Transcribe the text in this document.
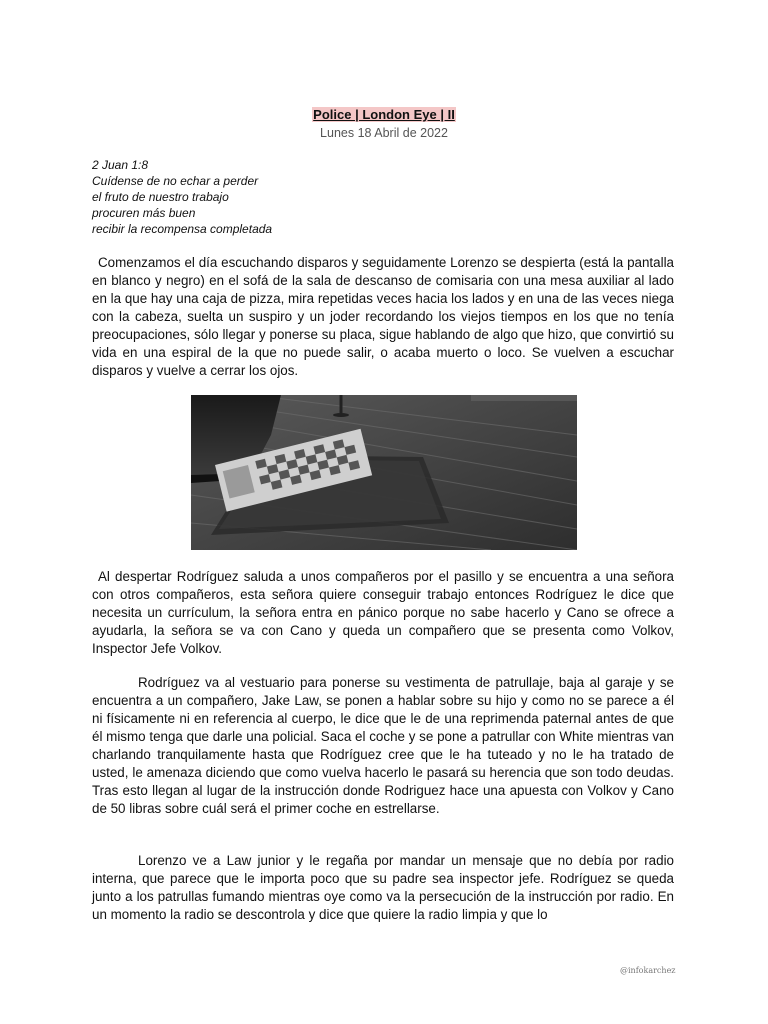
Police | London Eye | II
Lunes 18 Abril de 2022
2 Juan 1:8
Cuídense de no echar a perder
el fruto de nuestro trabajo
procuren más buen
recibir la recompensa completada

Comenzamos el día escuchando disparos y seguidamente Lorenzo se despierta (está la pantalla en blanco y negro) en el sofá de la sala de descanso de comisaria con una mesa auxiliar al lado en la que hay una caja de pizza, mira repetidas veces hacia los lados y en una de las veces niega con la cabeza, suelta un suspiro y un joder recordando los viejos tiempos en los que no tenía preocupaciones, sólo llegar y ponerse su placa, sigue hablando de algo que hizo, que convirtió su vida en una espiral de la que no puede salir, o acaba muerto o loco. Se vuelven a escuchar disparos y vuelve a cerrar los ojos.

Al despertar Rodríguez saluda a unos compañeros por el pasillo y se encuentra a una señora con otros compañeros, esta señora quiere conseguir trabajo entonces Rodríguez le dice que necesita un currículum, la señora entra en pánico porque no sabe hacerlo y Cano se ofrece a ayudarla, la señora se va con Cano y queda un compañero que se presenta como Volkov, Inspector Jefe Volkov.

Rodríguez va al vestuario para ponerse su vestimenta de patrullaje, baja al garaje y se encuentra a un compañero, Jake Law, se ponen a hablar sobre su hijo y como no se parece a él ni físicamente ni en referencia al cuerpo, le dice que le de una reprimenda paternal antes de que él mismo tenga que darle una policial. Saca el coche y se pone a patrullar con White mientras van charlando tranquilamente hasta que Rodríguez cree que le ha tuteado y no le ha tratado de usted, le amenaza diciendo que como vuelva hacerlo le pasará su herencia que son todo deudas. Tras esto llegan al lugar de la instrucción donde Rodriguez hace una apuesta con Volkov y Cano de 50 libras sobre cuál será el primer coche en estrellarse.

Lorenzo ve a Law junior y le regaña por mandar un mensaje que no debía por radio interna, que parece que le importa poco que su padre sea inspector jefe. Rodríguez se queda junto a los patrullas fumando mientras oye como va la persecución de la instrucción por radio. En un momento la radio se descontrola y dice que quiere la radio limpia y que lo

@infokarchez
